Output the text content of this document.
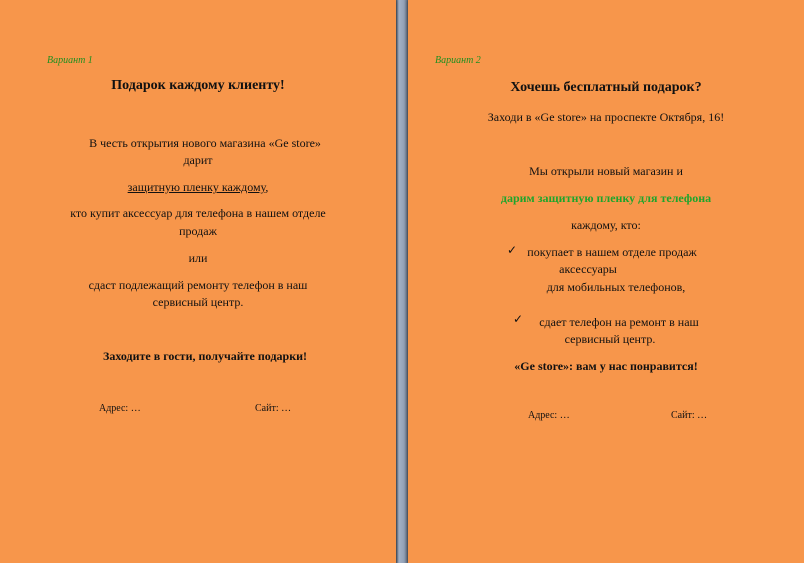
Вариант 1
Подарок каждому клиенту!
В честь открытия нового магазина «Ge store»
дарит
защитную пленку каждому,
кто купит аксессуар для телефона в нашем отделе
продаж
или
сдаст подлежащий ремонту телефон в наш
сервисный центр.
Заходите в гости, получайте подарки!
Адрес: …	Сайт: …
Вариант 2
Хочешь бесплатный подарок?
Заходи в «Ge store» на проспекте Октября, 16!
Мы открыли новый магазин и
дарим защитную пленку для телефона
каждому, кто:
✓ покупает в нашем отделе продаж
аксессуары
для мобильных телефонов,
✓	сдает телефон на ремонт в наш
сервисный центр.
«Ge store»: вам у нас понравится!
Адрес: …	Сайт: …
